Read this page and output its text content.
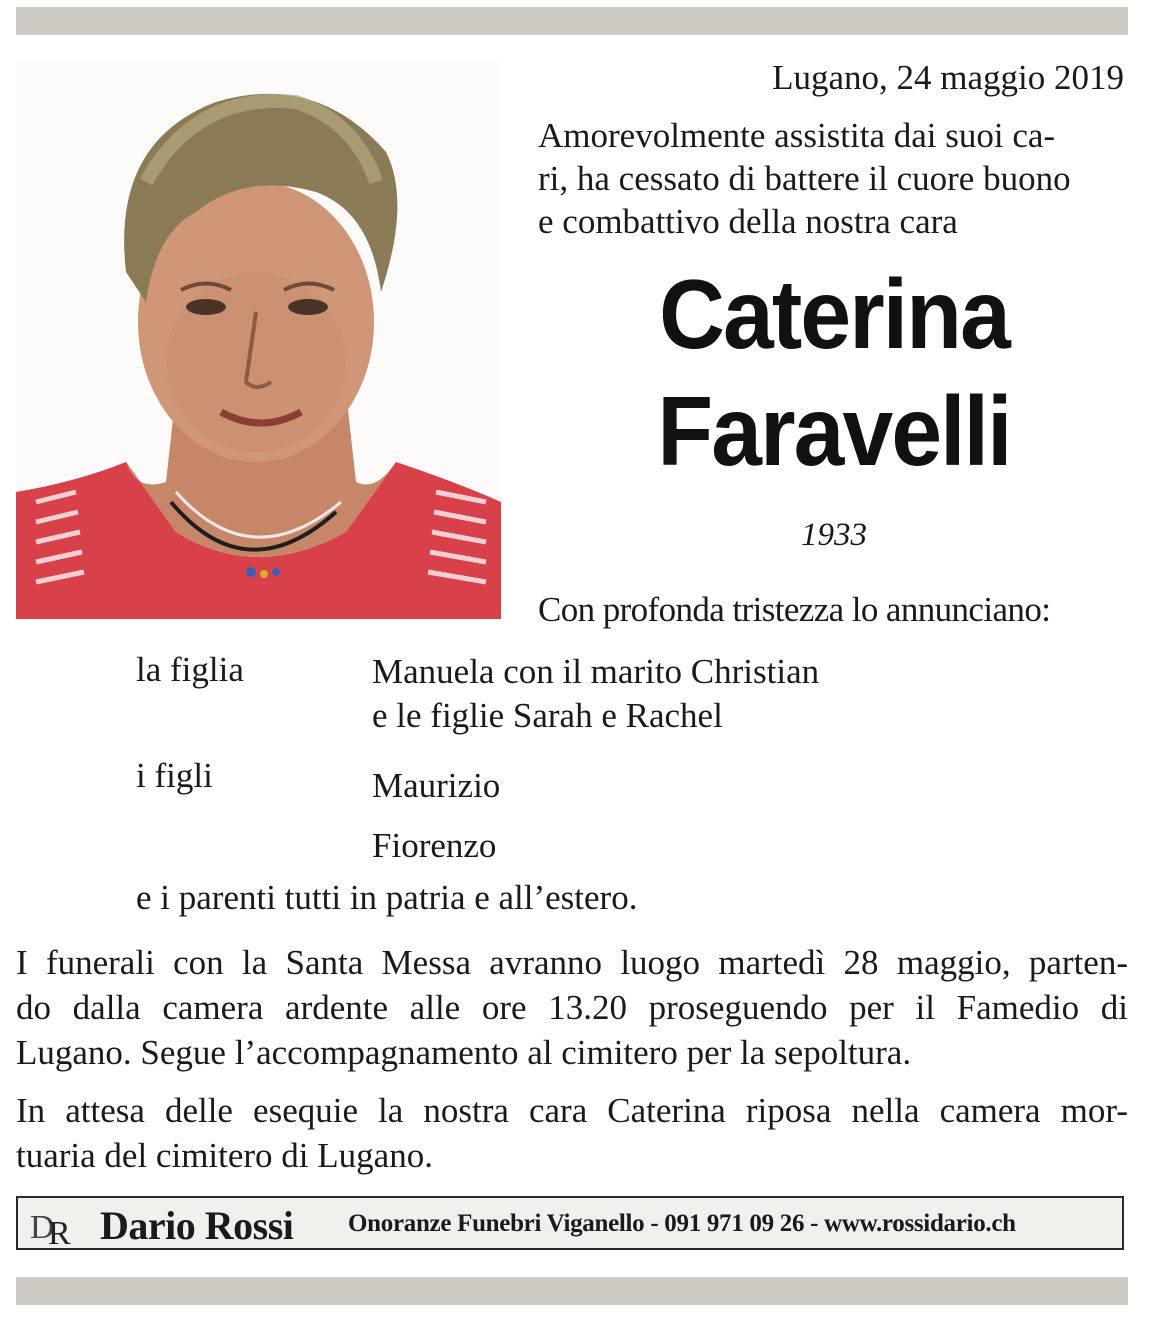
Lugano, 24 maggio 2019
Amorevolmente assistita dai suoi ca-
ri, ha cessato di battere il cuore buono
e combattivo della nostra cara
Caterina
Faravelli
1933
Con profonda tristezza lo annunciano:
la figlia	Manuela con il marito Christian
e le figlie Sarah e Rachel
i figli	Maurizio
Fiorenzo
e i parenti tutti in patria e all’estero.
I funerali con la Santa Messa avranno luogo martedì 28 maggio, parten-
do dalla camera ardente alle ore 13.20 proseguendo per il Famedio di
Lugano. Segue l’accompagnamento al cimitero per la sepoltura.
In attesa delle esequie la nostra cara Caterina riposa nella camera mor-
tuaria del cimitero di Lugano.
D
R Dario Rossi Onoranze Funebri Viganello - 091 971 09 26 - www.rossidario.ch
